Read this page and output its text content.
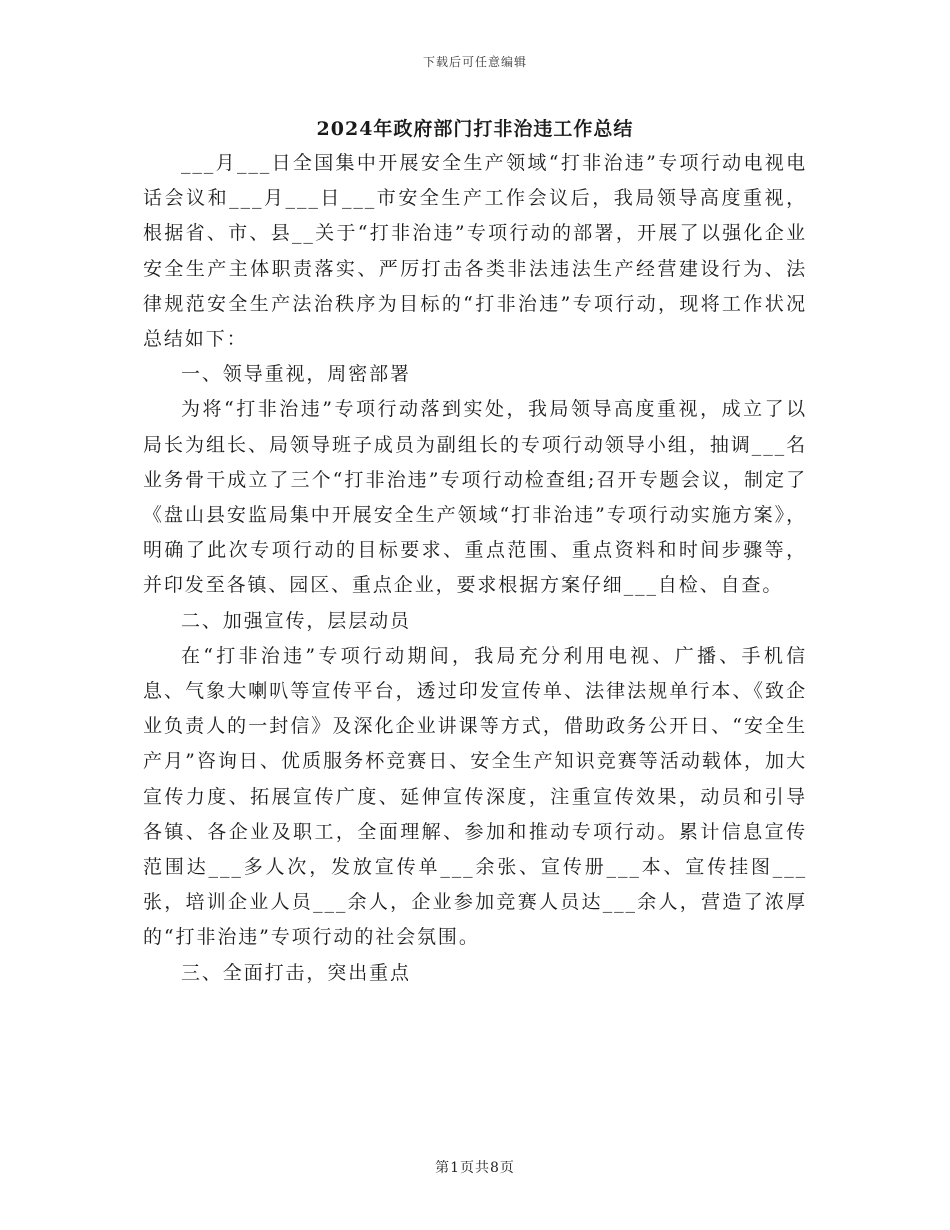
下载后可任意编辑
2024年政府部门打非治违工作总结

___月___日全国集中开展安全生产领域“打非治违”专项行动电视电话会议和___月___日___市安全生产工作会议后，我局领导高度重视，根据省、市、县__关于“打非治违”专项行动的部署，开展了以强化企业安全生产主体职责落实、严厉打击各类非法违法生产经营建设行为、法律规范安全生产法治秩序为目标的“打非治违”专项行动，现将工作状况总结如下：

一、领导重视，周密部署

为将“打非治违”专项行动落到实处，我局领导高度重视，成立了以局长为组长、局领导班子成员为副组长的专项行动领导小组，抽调___名业务骨干成立了三个“打非治违”专项行动检查组;召开专题会议，制定了《盘山县安监局集中开展安全生产领域“打非治违”专项行动实施方案》，明确了此次专项行动的目标要求、重点范围、重点资料和时间步骤等，并印发至各镇、园区、重点企业，要求根据方案仔细___自检、自查。

二、加强宣传，层层动员

在“打非治违”专项行动期间，我局充分利用电视、广播、手机信息、气象大喇叭等宣传平台，透过印发宣传单、法律法规单行本、《致企业负责人的一封信》及深化企业讲课等方式，借助政务公开日、“安全生产月”咨询日、优质服务杯竞赛日、安全生产知识竞赛等活动载体，加大宣传力度、拓展宣传广度、延伸宣传深度，注重宣传效果，动员和引导各镇、各企业及职工，全面理解、参加和推动专项行动。累计信息宣传范围达___多人次，发放宣传单___余张、宣传册___本、宣传挂图___张，培训企业人员___余人，企业参加竞赛人员达___余人，营造了浓厚的“打非治违”专项行动的社会氛围。

三、全面打击，突出重点

第1页共8页
